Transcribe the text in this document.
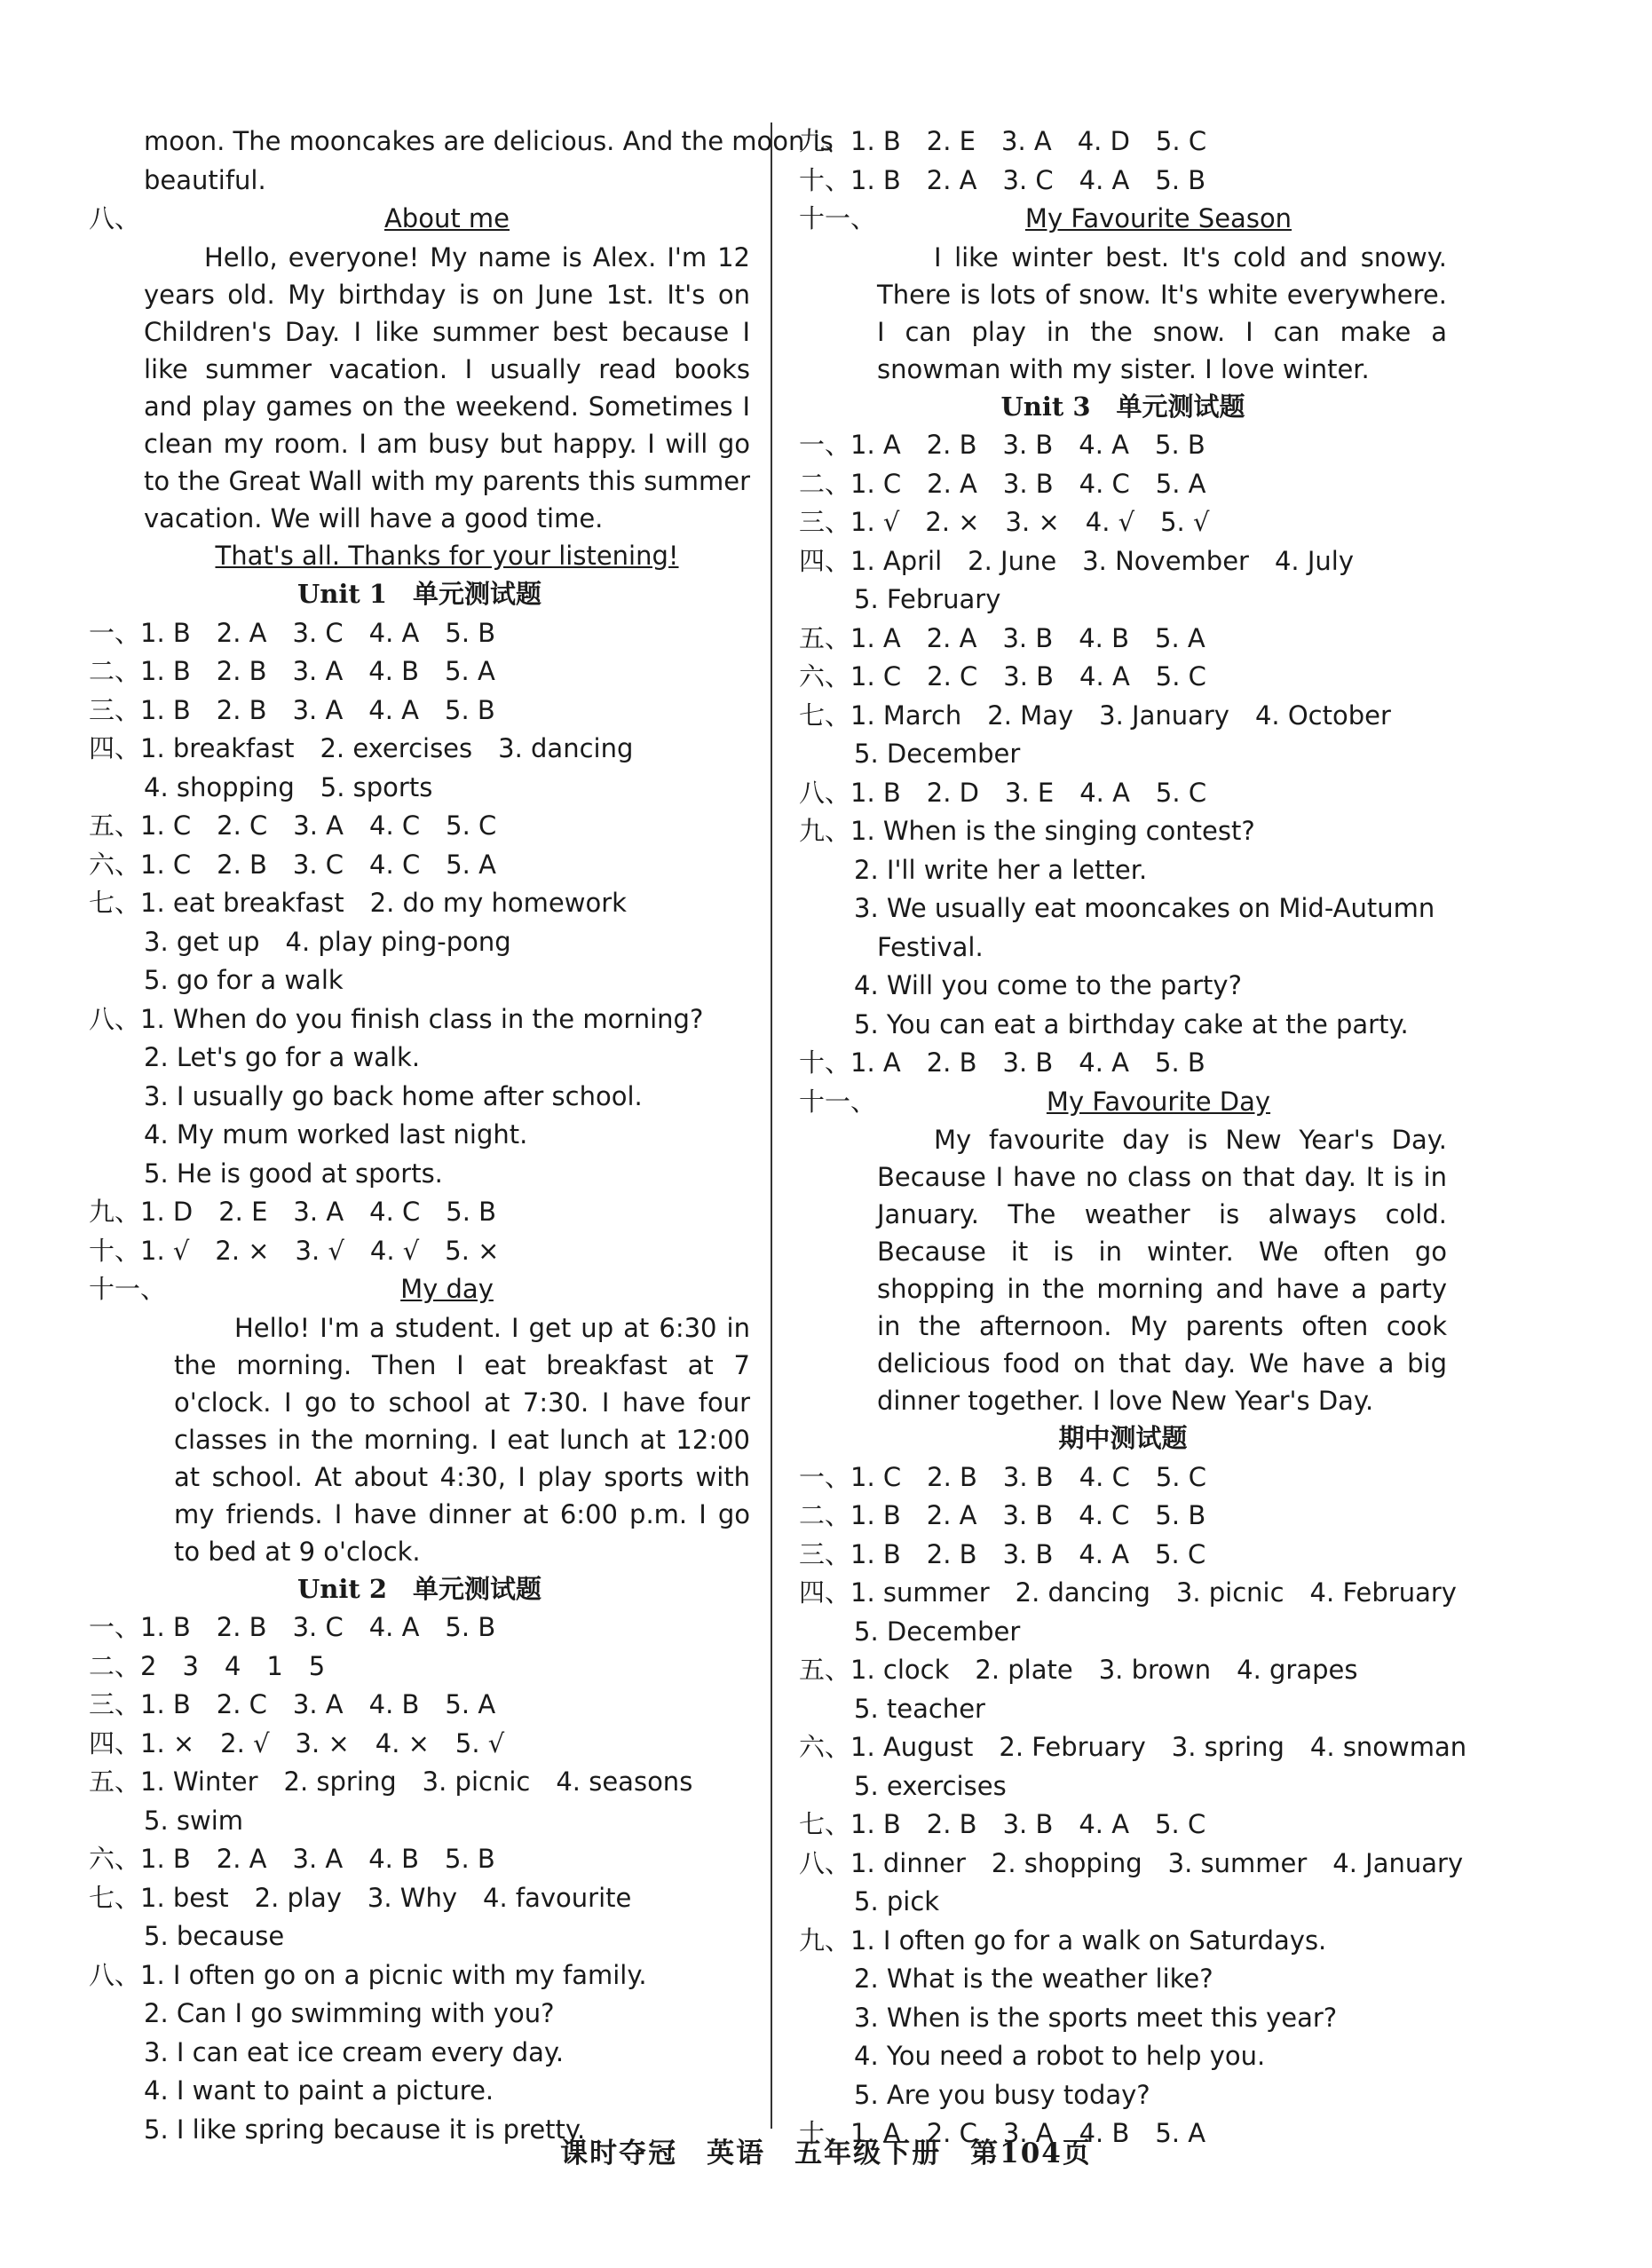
moon. The mooncakes are delicious. And the moon is
beautiful.
八、	About me
Hello, everyone! My name is Alex. I'm 12 years old. My birthday is on June 1st. It's on Children's Day. I like summer best because I like summer vacation. I usually read books and play games on the weekend. Sometimes I clean my room. I am busy but happy. I will go to the Great Wall with my parents this summer vacation. We will have a good time.
That's all. Thanks for your listening!
Unit 1　单元测试题
一、1. B　2. A　3. C　4. A　5. B
二、1. B　2. B　3. A　4. B　5. A
三、1. B　2. B　3. A　4. A　5. B
四、1. breakfast　2. exercises　3. dancing
4. shopping　5. sports
五、1. C　2. C　3. A　4. C　5. C
六、1. C　2. B　3. C　4. C　5. A
七、1. eat breakfast　2. do my homework
3. get up　4. play ping-pong
5. go for a walk
八、1. When do you finish class in the morning?
2. Let's go for a walk.
3. I usually go back home after school.
4. My mum worked last night.
5. He is good at sports.
九、1. D　2. E　3. A　4. C　5. B
十、1. √　2. ×　3. √　4. √　5. ×
十一、	My day
Hello! I'm a student. I get up at 6:30 in the morning. Then I eat breakfast at 7 o'clock. I go to school at 7:30. I have four classes in the morning. I eat lunch at 12:00 at school. At about 4:30, I play sports with my friends. I have dinner at 6:00 p.m. I go to bed at 9 o'clock.
Unit 2　单元测试题
一、1. B　2. B　3. C　4. A　5. B
二、2　3　4　1　5
三、1. B　2. C　3. A　4. B　5. A
四、1. ×　2. √　3. ×　4. ×　5. √
五、1. Winter　2. spring　3. picnic　4. seasons
5. swim
六、1. B　2. A　3. A　4. B　5. B
七、1. best　2. play　3. Why　4. favourite
5. because
八、1. I often go on a picnic with my family.
2. Can I go swimming with you?
3. I can eat ice cream every day.
4. I want to paint a picture.
5. I like spring because it is pretty.
九、1. B　2. E　3. A　4. D　5. C
十、1. B　2. A　3. C　4. A　5. B
十一、	My Favourite Season
I like winter best. It's cold and snowy. There is lots of snow. It's white everywhere. I can play in the snow. I can make a snowman with my sister. I love winter.
Unit 3　单元测试题
一、1. A　2. B　3. B　4. A　5. B
二、1. C　2. A　3. B　4. C　5. A
三、1. √　2. ×　3. ×　4. √　5. √
四、1. April　2. June　3. November　4. July
5. February
五、1. A　2. A　3. B　4. B　5. A
六、1. C　2. C　3. B　4. A　5. C
七、1. March　2. May　3. January　4. October
5. December
八、1. B　2. D　3. E　4. A　5. C
九、1. When is the singing contest?
2. I'll write her a letter.
3. We usually eat mooncakes on Mid-Autumn
Festival.
4. Will you come to the party?
5. You can eat a birthday cake at the party.
十、1. A　2. B　3. B　4. A　5. B
十一、	My Favourite Day
My favourite day is New Year's Day. Because I have no class on that day. It is in January. The weather is always cold. Because it is in winter. We often go shopping in the morning and have a party in the afternoon. My parents often cook delicious food on that day. We have a big dinner together. I love New Year's Day.
期中测试题
一、1. C　2. B　3. B　4. C　5. C
二、1. B　2. A　3. B　4. C　5. B
三、1. B　2. B　3. B　4. A　5. C
四、1. summer　2. dancing　3. picnic　4. February
5. December
五、1. clock　2. plate　3. brown　4. grapes
5. teacher
六、1. August　2. February　3. spring　4. snowman
5. exercises
七、1. B　2. B　3. B　4. A　5. C
八、1. dinner　2. shopping　3. summer　4. January
5. pick
九、1. I often go for a walk on Saturdays.
2. What is the weather like?
3. When is the sports meet this year?
4. You need a robot to help you.
5. Are you busy today?
十、1. A　2. C　3. A　4. B　5. A
课时夺冠　英语　五年级下册　第104页
